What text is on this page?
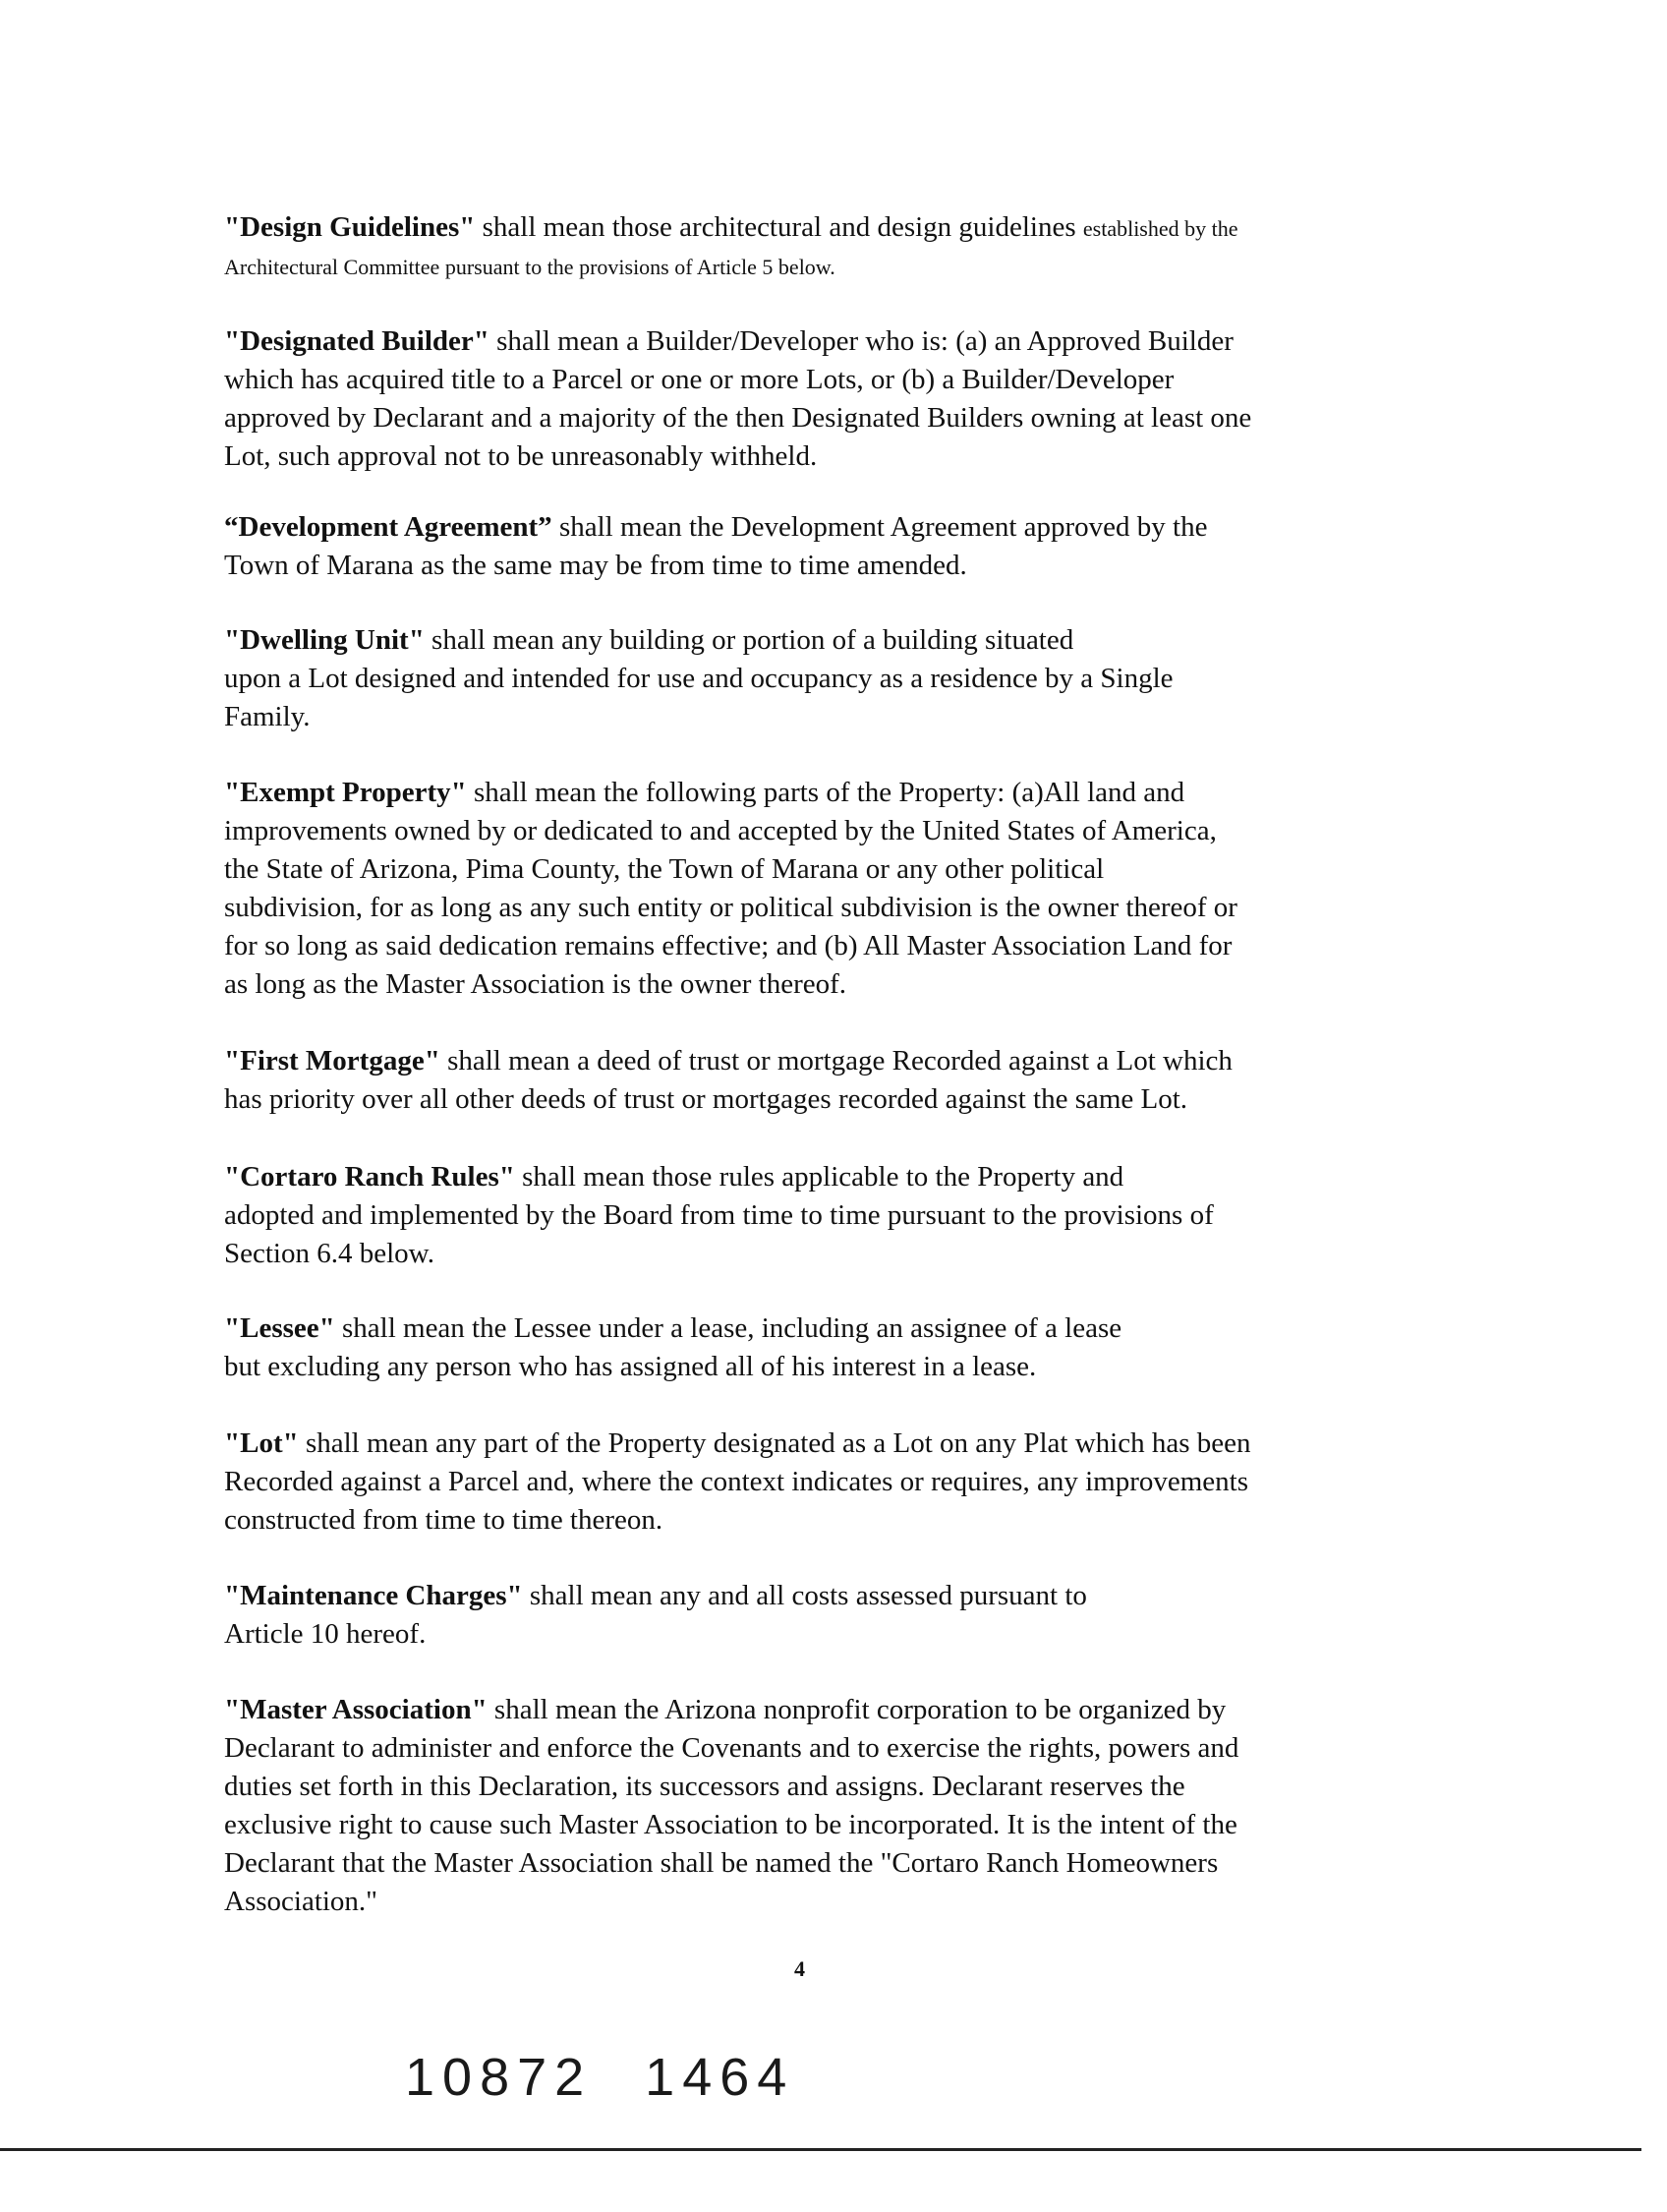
"Design Guidelines" shall mean those architectural and design guidelines established by the
Architectural Committee pursuant to the provisions of Article 5 below.

"Designated Builder" shall mean a Builder/Developer who is: (a) an Approved Builder
which has acquired title to a Parcel or one or more Lots, or (b) a Builder/Developer
approved by Declarant and a majority of the then Designated Builders owning at least one
Lot, such approval not to be unreasonably withheld.

“Development Agreement” shall mean the Development Agreement approved by the
Town of Marana as the same may be from time to time amended.

"Dwelling Unit" shall mean any building or portion of a building situated
upon a Lot designed and intended for use and occupancy as a residence by a Single
Family.

"Exempt Property" shall mean the following parts of the Property: (a)All land and
improvements owned by or dedicated to and accepted by the United States of America,
the State of Arizona, Pima County, the Town of Marana or any other political
subdivision, for as long as any such entity or political subdivision is the owner thereof or
for so long as said dedication remains effective; and (b) All Master Association Land for
as long as the Master Association is the owner thereof.

"First Mortgage" shall mean a deed of trust or mortgage Recorded against a Lot which
has priority over all other deeds of trust or mortgages recorded against the same Lot.

"Cortaro Ranch Rules" shall mean those rules applicable to the Property and
adopted and implemented by the Board from time to time pursuant to the provisions of
Section 6.4 below.

"Lessee" shall mean the Lessee under a lease, including an assignee of a lease
but excluding any person who has assigned all of his interest in a lease.

"Lot" shall mean any part of the Property designated as a Lot on any Plat which has been
Recorded against a Parcel and, where the context indicates or requires, any improvements
constructed from time to time thereon.

"Maintenance Charges" shall mean any and all costs assessed pursuant to
Article 10 hereof.

"Master Association" shall mean the Arizona nonprofit corporation to be organized by
Declarant to administer and enforce the Covenants and to exercise the rights, powers and
duties set forth in this Declaration, its successors and assigns. Declarant reserves the
exclusive right to cause such Master Association to be incorporated. It is the intent of the
Declarant that the Master Association shall be named the "Cortaro Ranch Homeowners
Association."

4
10872 1464
